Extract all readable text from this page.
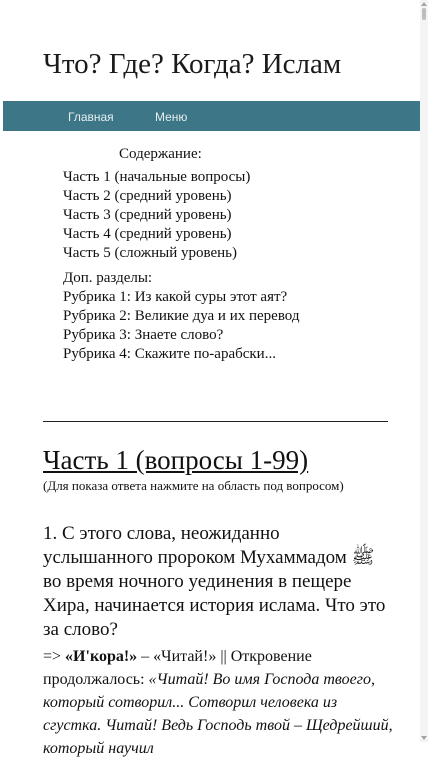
Что? Где? Когда? Ислам
Главная	Меню
Содержание:
Часть 1 (начальные вопросы)
Часть 2 (средний уровень)
Часть 3 (средний уровень)
Часть 4 (средний уровень)
Часть 5 (сложный уровень)
Доп. разделы:
Рубрика 1: Из какой суры этот аят?
Рубрика 2: Великие дуа и их перевод
Рубрика 3: Знаете слово?
Рубрика 4: Скажите по-арабски...
Часть 1 (вопросы 1-99)
(Для показа ответа нажмите на область под вопросом)
1. С этого слова, неожиданно услышанного пророком Мухаммадом ﷺ во время ночного уединения в пещере Хира, начинается история ислама. Что это за слово?
=> «И'кора!» – «Читай!» || Откровение продолжалось: «Читай! Во имя Господа твоего, который сотворил... Сотворил человека из сгустка. Читай! Ведь Господь твой – Щедрейший, который научил
